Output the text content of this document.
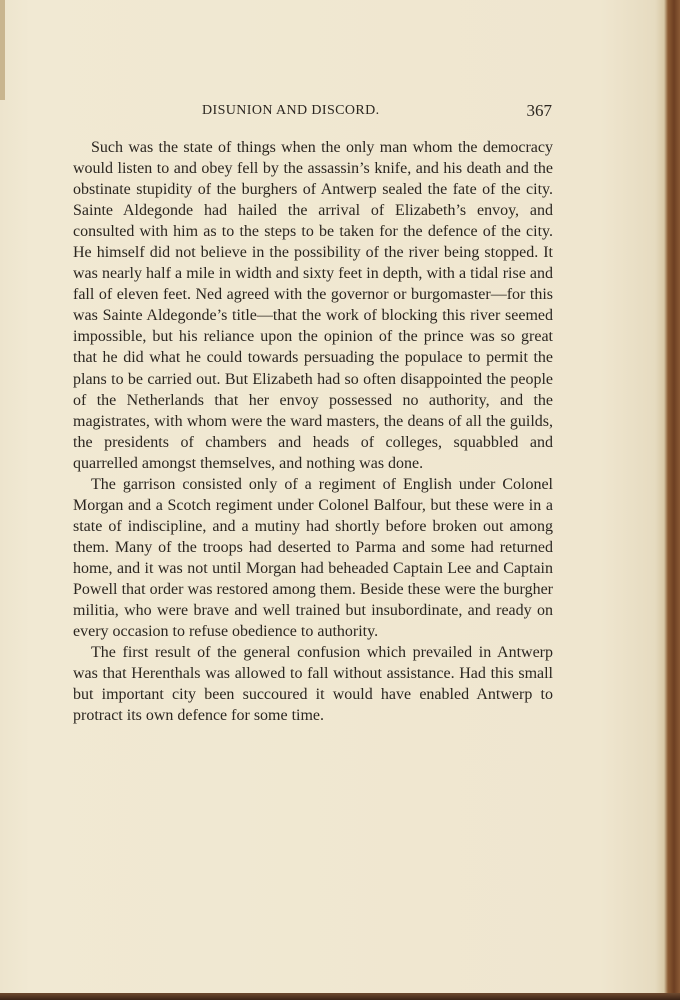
DISUNION AND DISCORD.	367

Such was the state of things when the only man whom the democracy would listen to and obey fell by the assassin’s knife, and his death and the obstinate stupidity of the burghers of Antwerp sealed the fate of the city. Sainte Aldegonde had hailed the arrival of Elizabeth’s envoy, and consulted with him as to the steps to be taken for the defence of the city. He himself did not believe in the possibility of the river being stopped. It was nearly half a mile in width and sixty feet in depth, with a tidal rise and fall of eleven feet. Ned agreed with the governor or burgomaster—for this was Sainte Aldegonde’s title—that the work of blocking this river seemed impossible, but his reliance upon the opinion of the prince was so great that he did what he could towards persuading the populace to permit the plans to be carried out. But Elizabeth had so often disappointed the people of the Netherlands that her envoy possessed no authority, and the magistrates, with whom were the ward masters, the deans of all the guilds, the presidents of chambers and heads of colleges, squabbled and quarrelled amongst themselves, and nothing was done.

The garrison consisted only of a regiment of English under Colonel Morgan and a Scotch regiment under Colonel Balfour, but these were in a state of indiscipline, and a mutiny had shortly before broken out among them. Many of the troops had deserted to Parma and some had returned home, and it was not until Morgan had beheaded Captain Lee and Captain Powell that order was restored among them. Beside these were the burgher militia, who were brave and well trained but insubordinate, and ready on every occasion to refuse obedience to authority.

The first result of the general confusion which prevailed in Antwerp was that Herenthals was allowed to fall without assistance. Had this small but important city been succoured it would have enabled Antwerp to protract its own defence for some time.
